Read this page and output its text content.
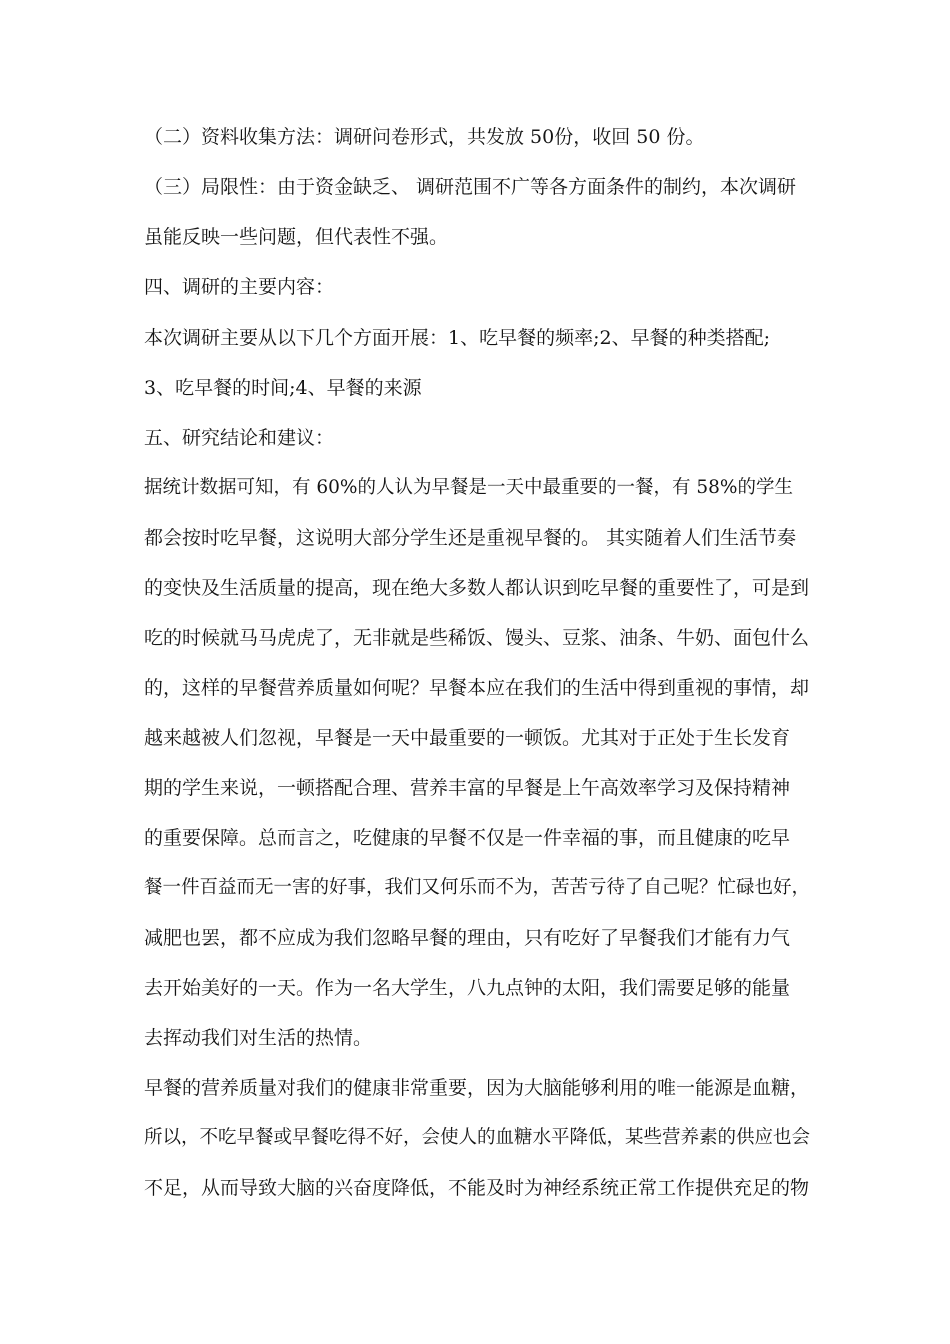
（二）资料收集方法：调研问卷形式，共发放 50份，收回 50 份。
（三）局限性：由于资金缺乏、 调研范围不广等各方面条件的制约，本次调研
虽能反映一些问题，但代表性不强。
四、调研的主要内容：
本次调研主要从以下几个方面开展：1、吃早餐的频率;2、早餐的种类搭配;
3、吃早餐的时间;4、早餐的来源
五、研究结论和建议：
据统计数据可知，有 60%的人认为早餐是一天中最重要的一餐，有 58%的学生
都会按时吃早餐，这说明大部分学生还是重视早餐的。 其实随着人们生活节奏
的变快及生活质量的提高，现在绝大多数人都认识到吃早餐的重要性了，可是到
吃的时候就马马虎虎了，无非就是些稀饭、馒头、豆浆、油条、牛奶、面包什么
的，这样的早餐营养质量如何呢？早餐本应在我们的生活中得到重视的事情，却
越来越被人们忽视，早餐是一天中最重要的一顿饭。尤其对于正处于生长发育
期的学生来说，一顿搭配合理、营养丰富的早餐是上午高效率学习及保持精神
的重要保障。总而言之，吃健康的早餐不仅是一件幸福的事，而且健康的吃早
餐一件百益而无一害的好事，我们又何乐而不为，苦苦亏待了自己呢？忙碌也好，
减肥也罢，都不应成为我们忽略早餐的理由，只有吃好了早餐我们才能有力气
去开始美好的一天。作为一名大学生，八九点钟的太阳，我们需要足够的能量
去挥动我们对生活的热情。
早餐的营养质量对我们的健康非常重要，因为大脑能够利用的唯一能源是血糖，
所以，不吃早餐或早餐吃得不好，会使人的血糖水平降低，某些营养素的供应也会
不足，从而导致大脑的兴奋度降低，不能及时为神经系统正常工作提供充足的物
